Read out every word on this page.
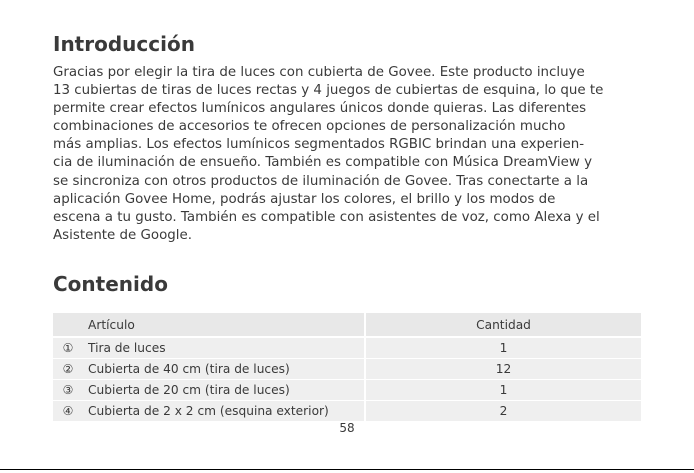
Introducción
Gracias por elegir la tira de luces con cubierta de Govee. Este producto incluye
13 cubiertas de tiras de luces rectas y 4 juegos de cubiertas de esquina, lo que te
permite crear efectos lumínicos angulares únicos donde quieras. Las diferentes
combinaciones de accesorios te ofrecen opciones de personalización mucho
más amplias. Los efectos lumínicos segmentados RGBIC brindan una experien-
cia de iluminación de ensueño. También es compatible con Música DreamView y
se sincroniza con otros productos de iluminación de Govee. Tras conectarte a la
aplicación Govee Home, podrás ajustar los colores, el brillo y los modos de
escena a tu gusto. También es compatible con asistentes de voz, como Alexa y el
Asistente de Google.
Contenido
	Artículo	Cantidad
①	Tira de luces	1
②	Cubierta de 40 cm (tira de luces)	12
③	Cubierta de 20 cm (tira de luces)	1
④	Cubierta de 2 x 2 cm (esquina exterior)	2
58
